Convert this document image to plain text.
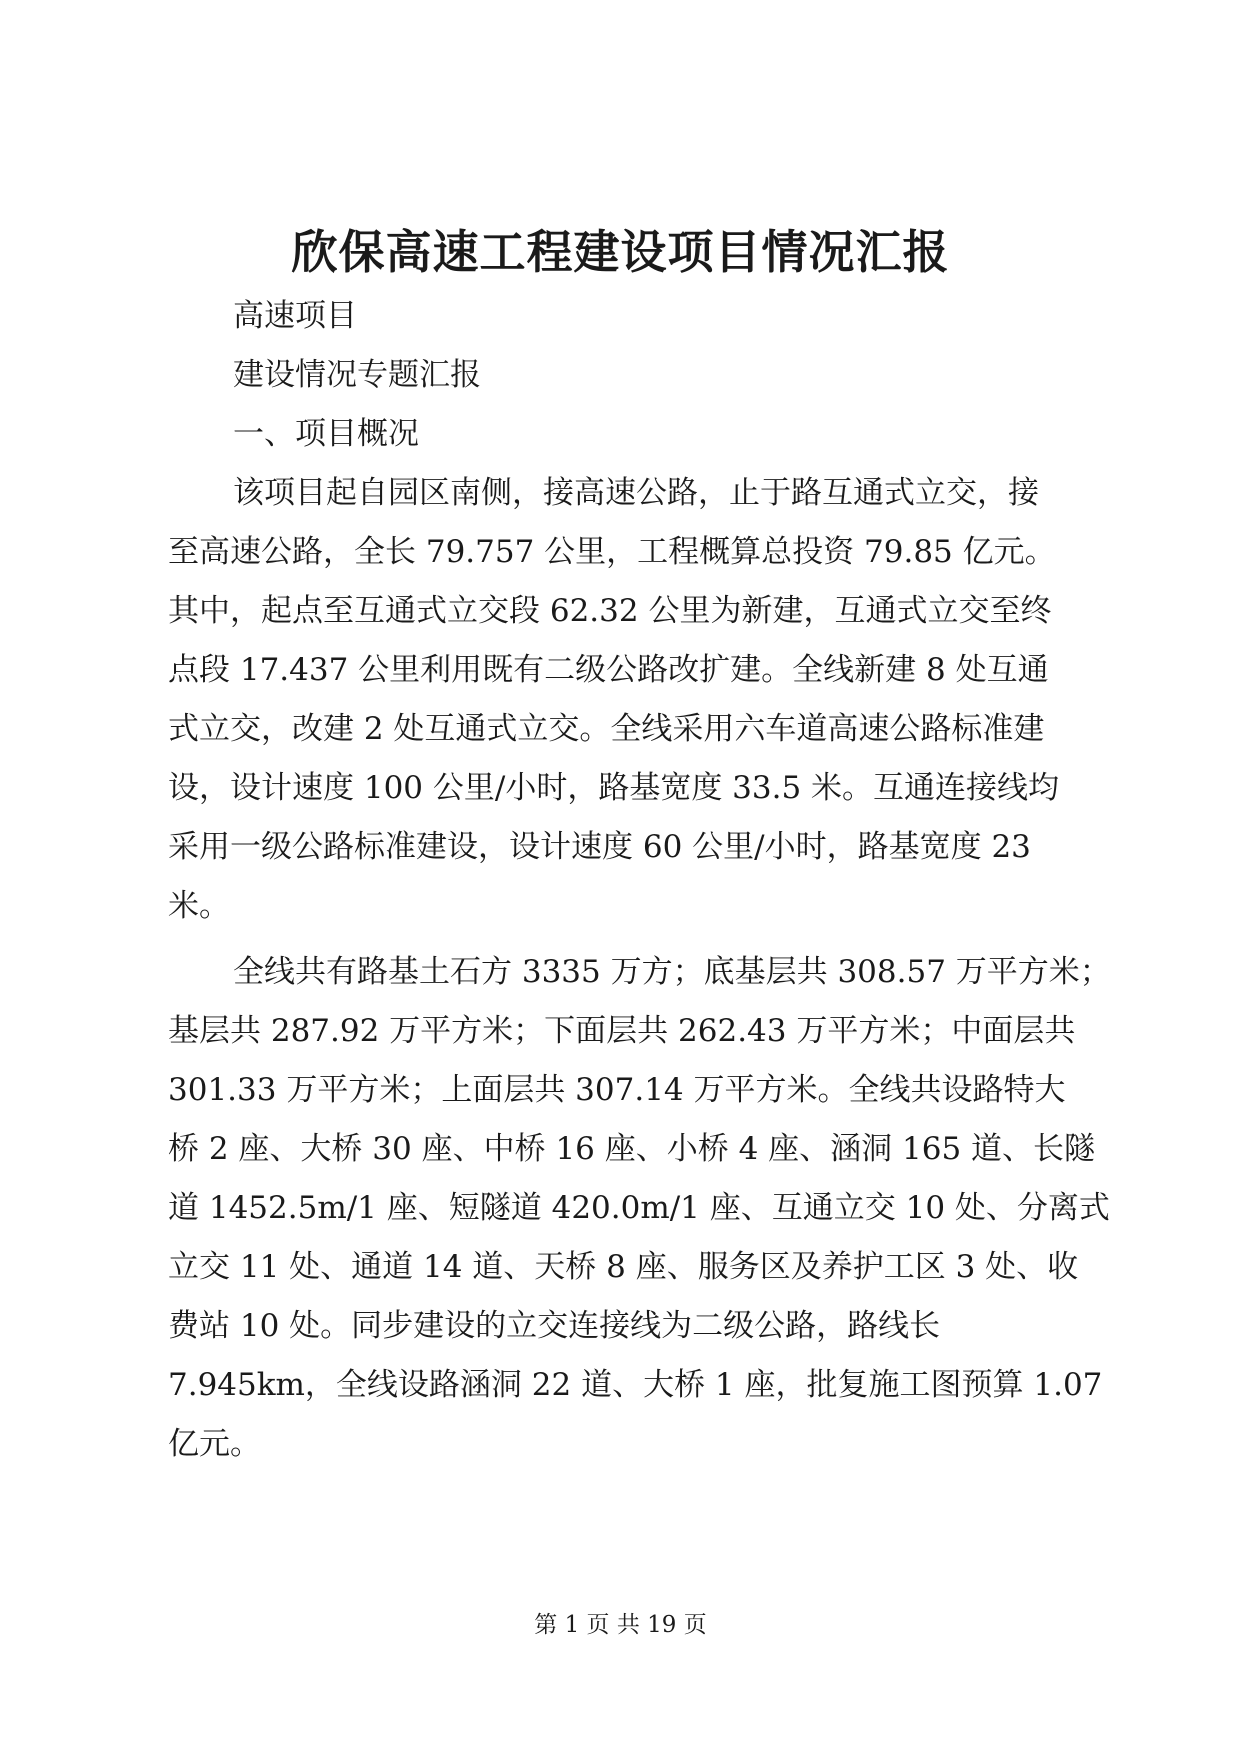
欣保高速工程建设项目情况汇报
高速项目
建设情况专题汇报
一、项目概况
该项目起自园区南侧，接高速公路，止于路互通式立交，接
至高速公路，全长 79.757 公里，工程概算总投资 79.85 亿元。
其中，起点至互通式立交段 62.32 公里为新建，互通式立交至终
点段 17.437 公里利用既有二级公路改扩建。全线新建 8 处互通
式立交，改建 2 处互通式立交。全线采用六车道高速公路标准建
设，设计速度 100 公里/小时，路基宽度 33.5 米。互通连接线均
采用一级公路标准建设，设计速度 60 公里/小时，路基宽度 23
米。
全线共有路基土石方 3335 万方；底基层共 308.57 万平方米；
基层共 287.92 万平方米；下面层共 262.43 万平方米；中面层共
301.33 万平方米；上面层共 307.14 万平方米。全线共设路特大
桥 2 座、大桥 30 座、中桥 16 座、小桥 4 座、涵洞 165 道、长隧
道 1452.5m/1 座、短隧道 420.0m/1 座、互通立交 10 处、分离式
立交 11 处、通道 14 道、天桥 8 座、服务区及养护工区 3 处、收
费站 10 处。同步建设的立交连接线为二级公路，路线长
7.945km，全线设路涵洞 22 道、大桥 1 座，批复施工图预算 1.07
亿元。
第 1 页 共 19 页
